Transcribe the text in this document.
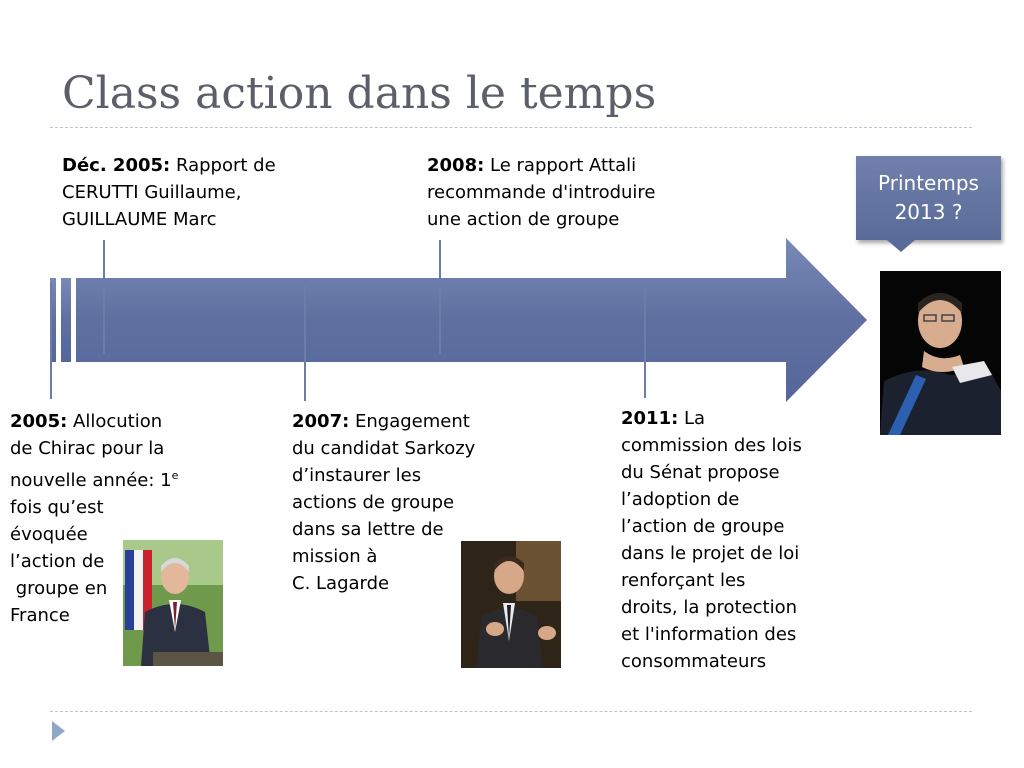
Class action dans le temps
Déc. 2005: Rapport de
CERUTTI Guillaume,
GUILLAUME Marc
2008: Le rapport Attali
recommande d'introduire
une action de groupe
2005: Allocution
de Chirac pour la
nouvelle année: 1e
fois qu’est
évoquée
l’action de
groupe en
France
2007: Engagement
du candidat Sarkozy
d’instaurer les
actions de groupe
dans sa lettre de
mission à
C. Lagarde
2011: La
commission des lois
du Sénat propose
l’adoption de
l’action de groupe
dans le projet de loi
renforçant les
droits, la protection
et l'information des
consommateurs
Printemps
2013 ?
